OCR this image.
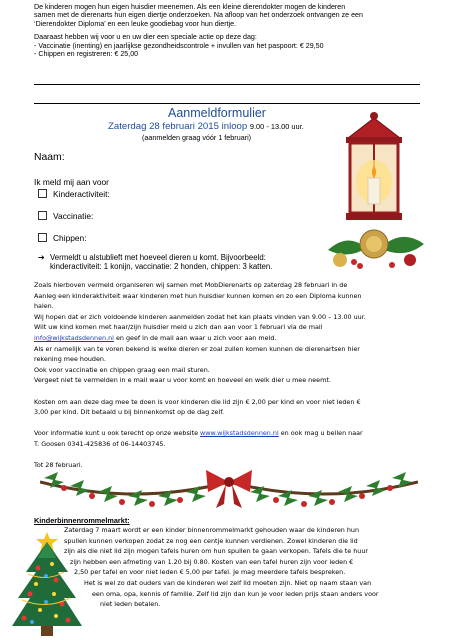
De kinderen mogen hun eigen huisdier meenemen. Als een kleine dierendokter mogen de kinderen
samen met de dierenarts hun eigen diertje onderzoeken. Na afloop van het onderzoek ontvangen ze een
‘Dierendokter Diploma’ en een leuke goodiebag voor hun diertje.
Daaraast hebben wij voor u en uw dier een speciale actie op deze dag:
- Vaccinatie (inenting) en jaarlijkse gezondheidscontrole + invullen van het paspoort: € 29,50
- Chippen en registreren: € 25,00
Aanmeldformulier
Zaterdag 28 februari 2015 inloop 9.00 - 13.00 uur.
(aanmelden graag vóór 1 februari)
Naam:
Ik meld mij aan voor
Kinderactiviteit:
Vaccinatie:
Chippen:
➔ Vermeldt u alstublieft met hoeveel dieren u komt. Bijvoorbeeld:
kinderactiviteit: 1 konijn, vaccinatie: 2 honden, chippen: 3 katten.
Zoals hierboven vermeld organiseren wij samen met MobDierenarts op zaterdag 28 februari in de
Aanleg een kinderaktiviteit waar kinderen met hun huisdier kunnen komen en zo een Diploma kunnen
halen.
Wij hopen dat er zich voldoende kinderen aanmelden zodat het kan plaats vinden van 9.00 – 13.00 uur.
Wilt uw kind komen met haar/zijn huisdier meld u zich dan aan voor 1 februari via de mail
info@wijkstadsdennen.nl en geef in de mail aan waar u zich voor aan meld.
Als er namelijk van te voren bekend is welke dieren er zoal zullen komen kunnen de dierenartsen hier
rekening mee houden.
Ook voor vaccinatie en chippen graag een mail sturen.
Vergeet niet te vermelden in e mail waar u voor komt en hoeveel en welk dier u mee neemt.
Kosten om aan deze dag mee te doen is voor kinderen die lid zijn € 2,00 per kind en voor niet leden €
3,00 per kind. Dit betaald u bij binnenkomst op de dag zelf.
Voor informatie kunt u ook terecht op onze website www.wijkstadsdennen.nl en ook mag u bellen naar
T. Goosen 0341-425836 of 06-14403745.
Tot 28 februari.
Kinderbinnenrommelmarkt:
Zaterdag 7 maart wordt er een kinder binnenrommelmarkt gehouden waar de kinderen hun
spullen kunnen verkopen zodat ze nog een centje kunnen verdienen. Zowel kinderen die lid
zijn als die niet lid zijn mogen tafels huren om hun spullen te gaan verkopen. Tafels die te huur
zijn hebben een afmeting van 1.20 bij 0.80. Kosten van een tafel huren zijn voor leden €
2,50 per tafel en voor niet leden € 5,00 per tafel. Je mag meerdere tafels bespreken.
Het is wel zo dat ouders van de kinderen wel zelf lid moeten zijn. Niet op naam staan van
een oma, opa, kennis of familie. Zelf lid zijn dan kun je voor leden prijs staan anders voor
niet leden betalen.
